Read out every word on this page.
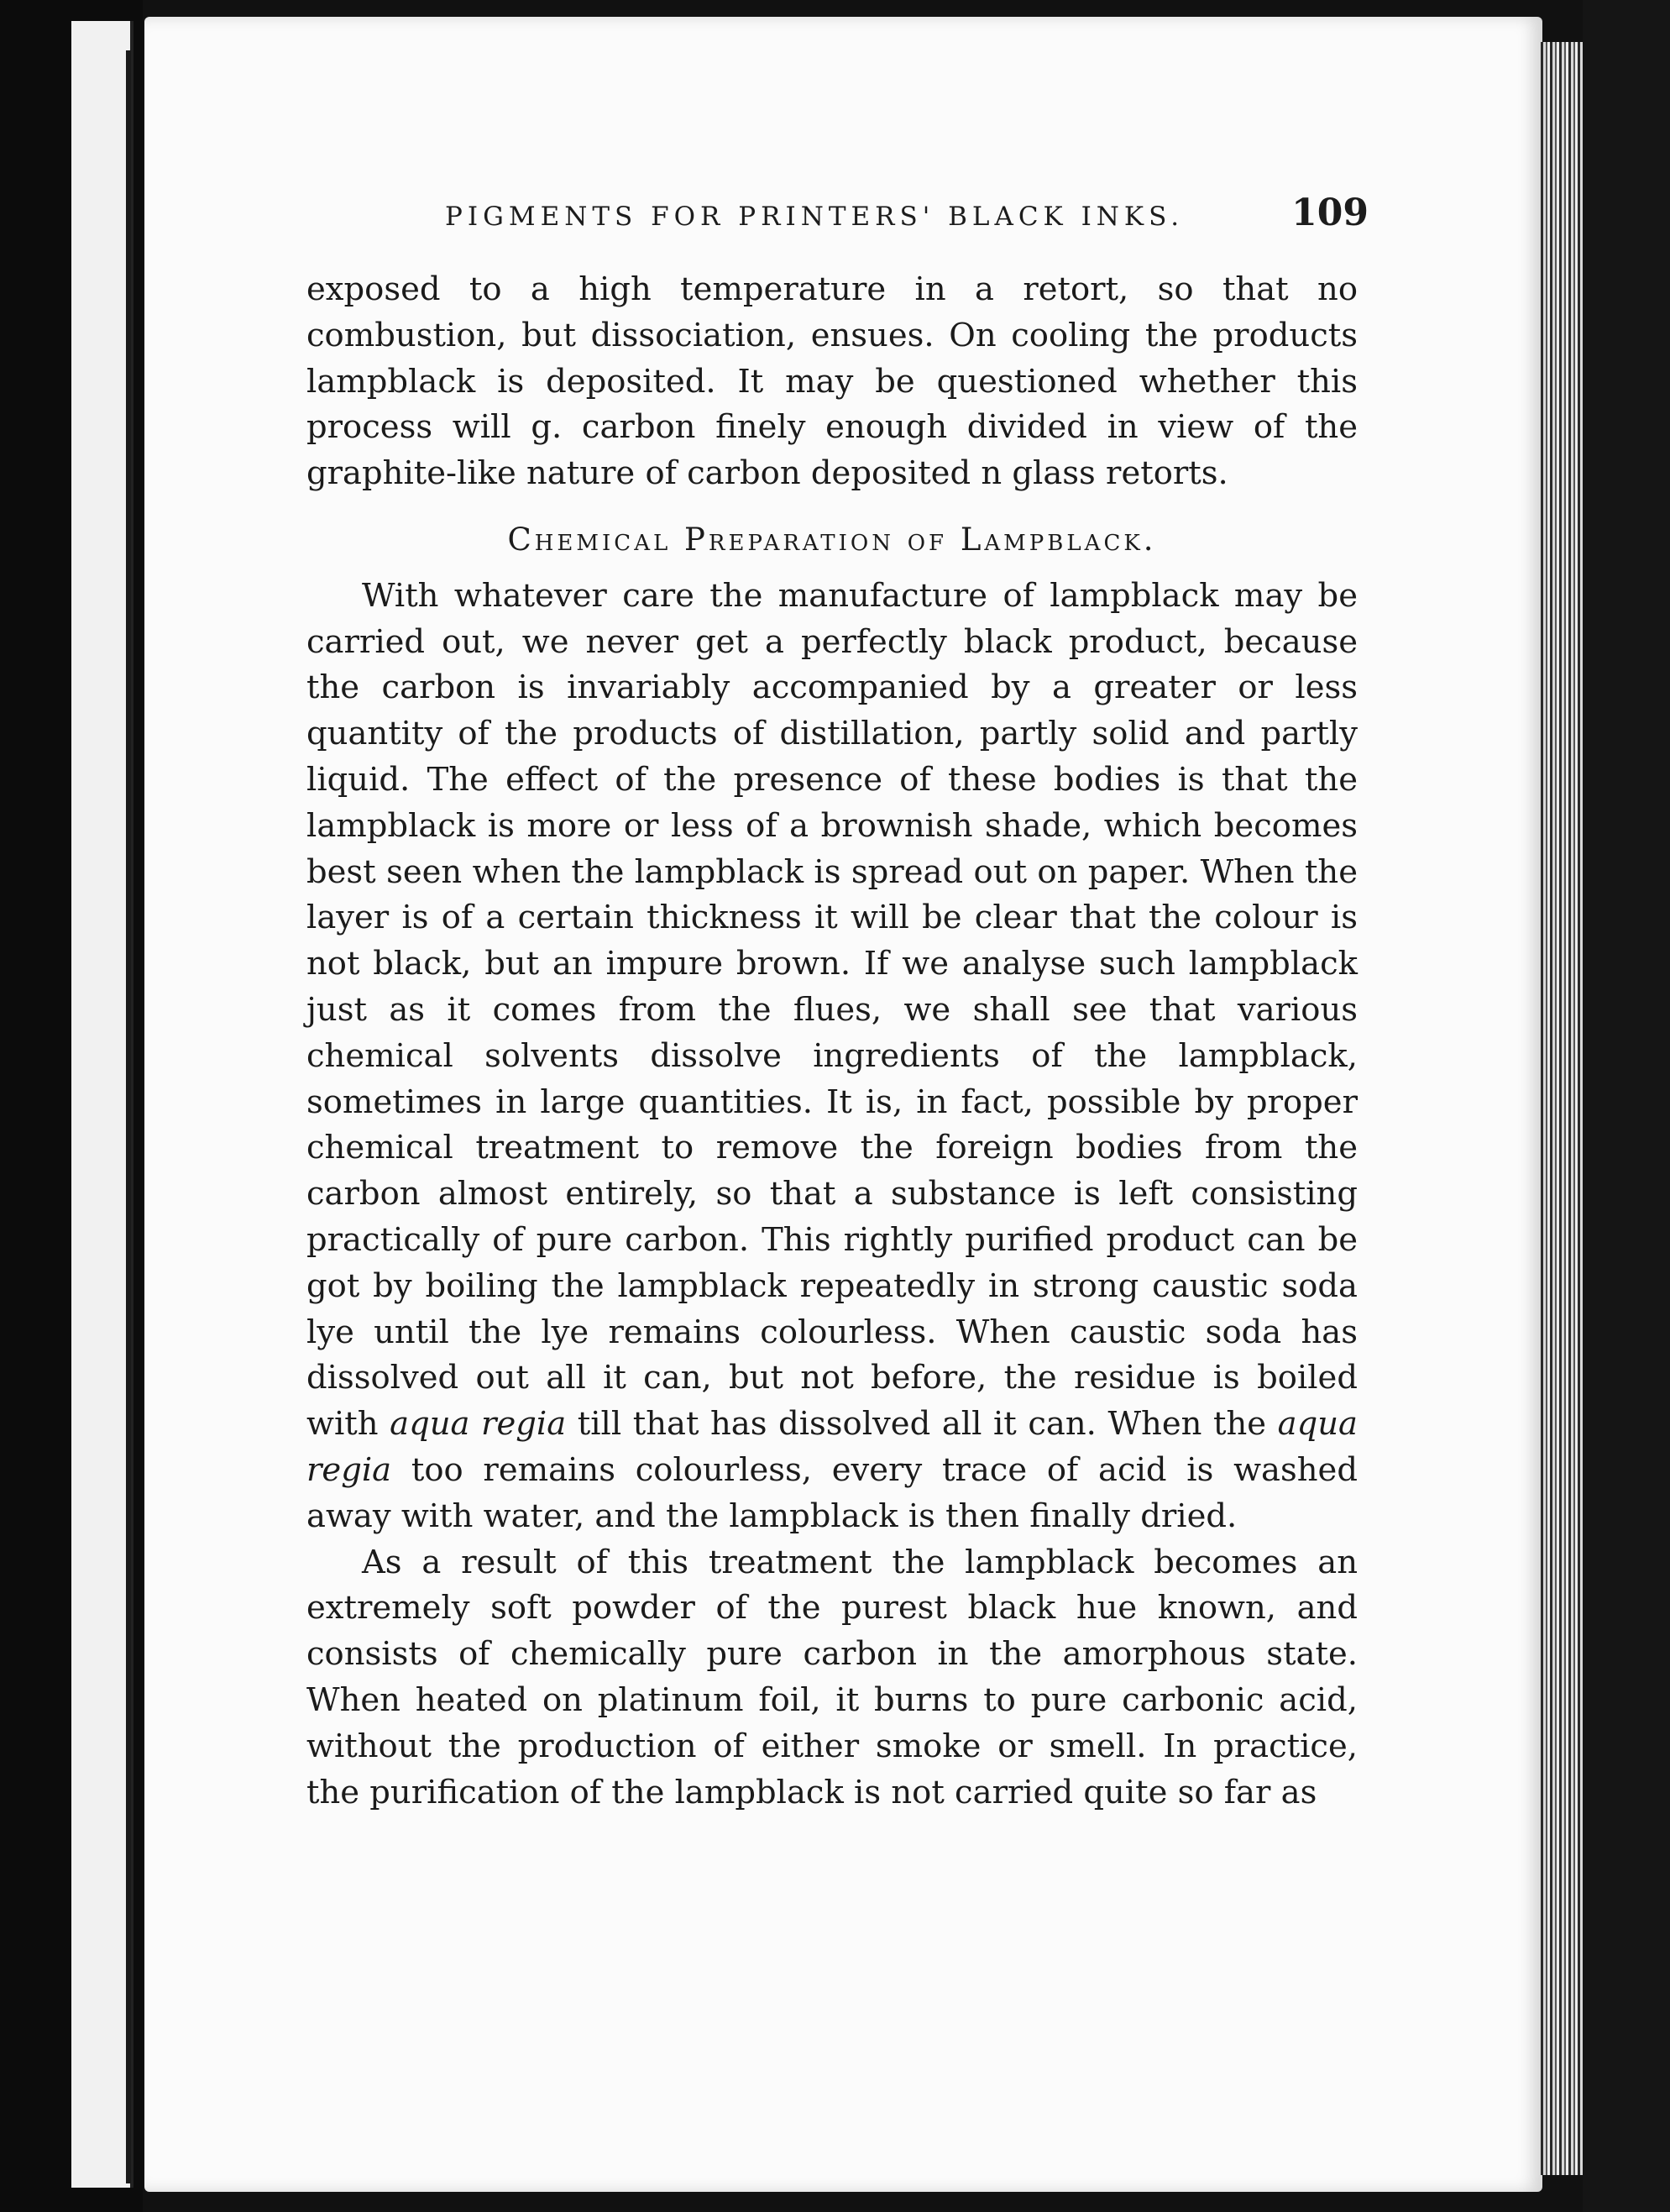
PIGMENTS FOR PRINTERS' BLACK INKS.	109

exposed to a high temperature in a retort, so that no combustion, but dissociation, ensues. On cooling the products lampblack is deposited. It may be questioned whether this process will g. carbon finely enough divided in view of the graphite-like nature of carbon deposited n glass retorts.

Chemical Preparation of Lampblack.

With whatever care the manufacture of lampblack may be carried out, we never get a perfectly black product, because the carbon is invariably accompanied by a greater or less quantity of the products of distillation, partly solid and partly liquid. The effect of the presence of these bodies is that the lampblack is more or less of a brownish shade, which becomes best seen when the lampblack is spread out on paper. When the layer is of a certain thickness it will be clear that the colour is not black, but an impure brown. If we analyse such lampblack just as it comes from the flues, we shall see that various chemical solvents dissolve ingredients of the lampblack, sometimes in large quantities. It is, in fact, possible by proper chemical treatment to remove the foreign bodies from the carbon almost entirely, so that a substance is left consisting practically of pure carbon. This rightly purified product can be got by boiling the lampblack repeatedly in strong caustic soda lye until the lye remains colourless. When caustic soda has dissolved out all it can, but not before, the residue is boiled with aqua regia till that has dissolved all it can. When the aqua regia too remains colourless, every trace of acid is washed away with water, and the lampblack is then finally dried.

As a result of this treatment the lampblack becomes an extremely soft powder of the purest black hue known, and consists of chemically pure carbon in the amorphous state. When heated on platinum foil, it burns to pure carbonic acid, without the production of either smoke or smell. In practice, the purification of the lampblack is not carried quite so far as
